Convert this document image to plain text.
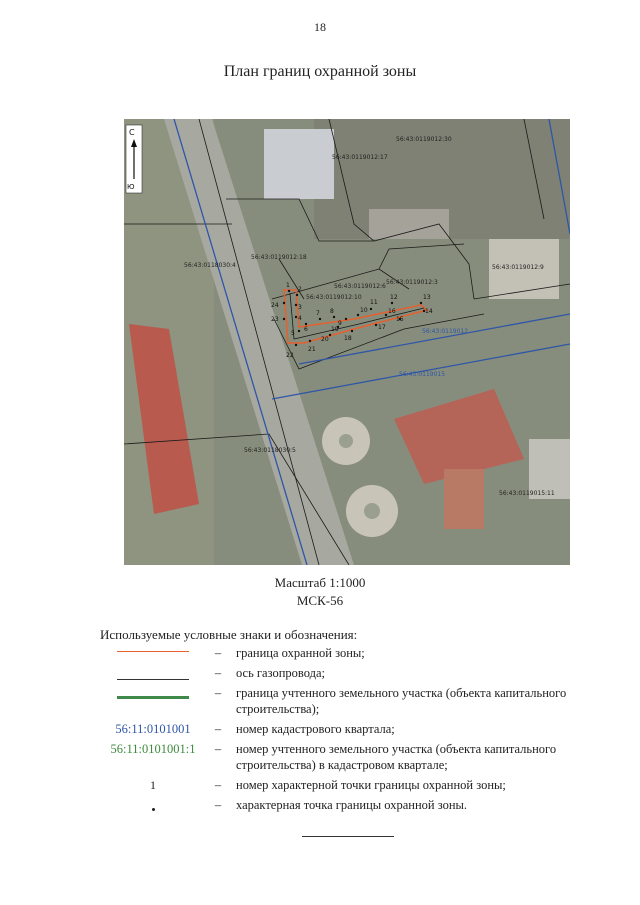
18
План границ охранной зоны
56:43:0119012:30
56:43:0119012:17
56:43:0119012:18
56:43:0119012:6
56:43:0119012:10
56:43:0119012:3
56:43:0119012:9
56:43:0118030:4
56:43:0118030:5
56:43:0119015:11
56:43:0119012
56:43:0119015
1
2
3
4
5
6
7 8
9
10
11
12	13
14
15
16
17
18
19
20
21
22
23
24
С
Ю
Масштаб 1:1000
МСК-56
Используемые условные знаки и обозначения:
–	граница охранной зоны;
–	ось газопровода;
–	граница учтенного земельного участка (объекта капитального строительства);
56:11:0101001	–	номер кадастрового квартала;
56:11:0101001:1	–	номер учтенного земельного участка (объекта капитального строительства) в кадастровом квартале;
1	–	номер характерной точки границы охранной зоны;
–	характерная точка границы охранной зоны.
